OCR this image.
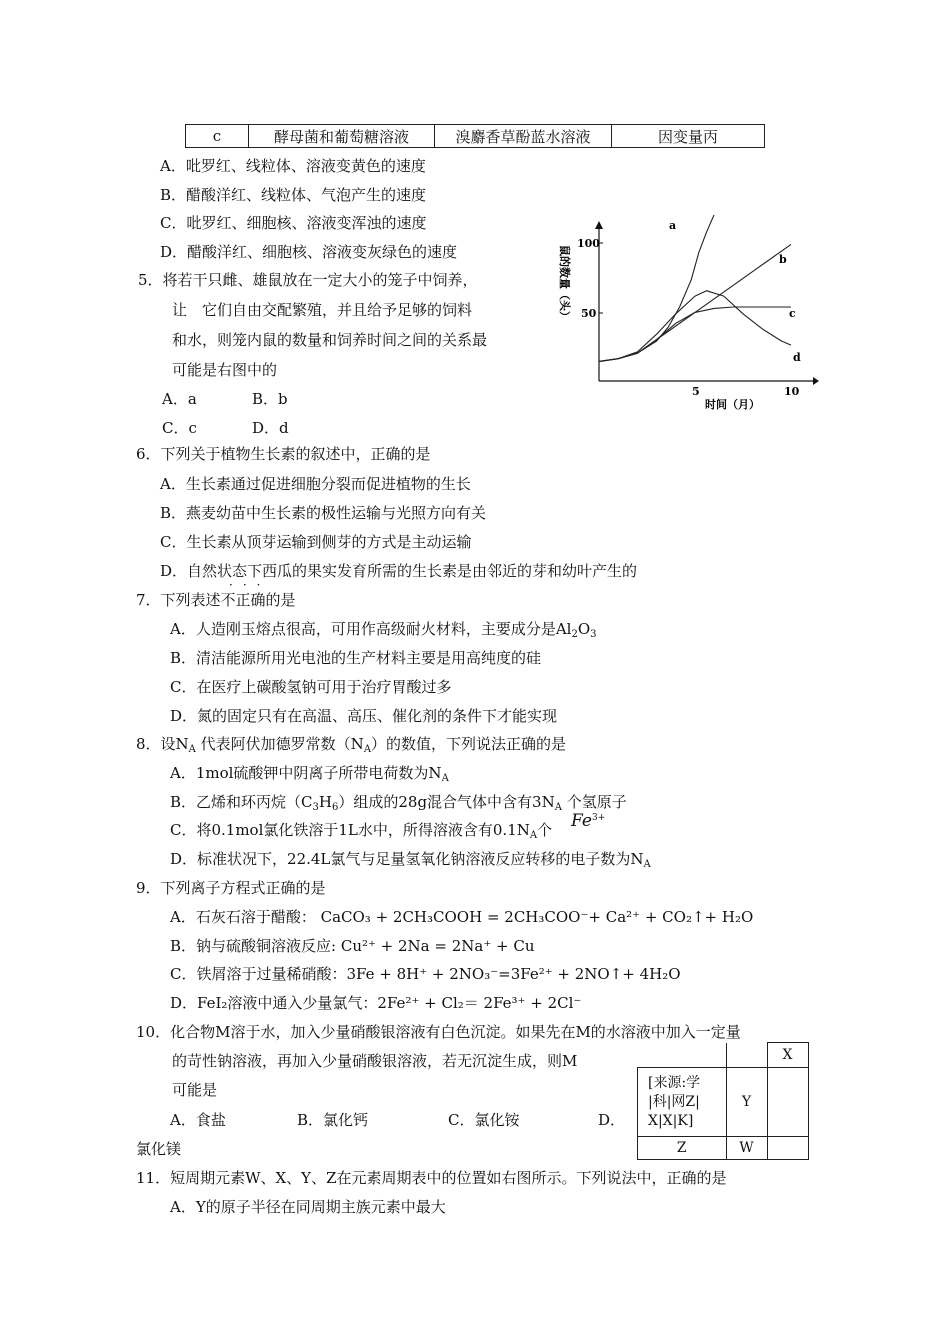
c	酵母菌和葡萄糖溶液	溴麝香草酚蓝水溶液	因变量丙
A．吡罗红、线粒体、溶液变黄色的速度
B．醋酸洋红、线粒体、气泡产生的速度
C．吡罗红、细胞核、溶液变浑浊的速度
D．醋酸洋红、细胞核、溶液变灰绿色的速度
5．将若干只雌、雄鼠放在一定大小的笼子中饲养，
让　它们自由交配繁殖，并且给予足够的饲料
和水，则笼内鼠的数量和饲养时间之间的关系最
可能是右图中的
A．a	B．b
C．c	D．d
100
50
5	10
时间（月）
鼠的数量（头）
a
b
c
d
6．下列关于植物生长素的叙述中，正确的是
A．生长素通过促进细胞分裂而促进植物的生长
B．燕麦幼苗中生长素的极性运输与光照方向有关
C．生长素从顶芽运输到侧芽的方式是主动运输
D．自然状态下西瓜的果实发育所需的生长素是由邻近的芽和幼叶产生的
···
7．下列表述不正确的是
A．人造刚玉熔点很高，可用作高级耐火材料，主要成分是$Al_2O_3$
B．清洁能源所用光电池的生产材料主要是用高纯度的硅
C．在医疗上碳酸氢钠可用于治疗胃酸过多
D．氮的固定只有在高温、高压、催化剂的条件下才能实现
8．设$N_A$ 代表阿伏加德罗常数$(N_A)$的数值，下列说法正确的是
A．1mol硫酸钾中阴离子所带电荷数为$N_A$
B．乙烯和环丙烷$(C_3H_6)$组成的28g混合气体中含有$3N_A$ 个氢原子
C．将0.1mol氯化铁溶于1L水中，所得溶液含有$0.1N_A$个 $Fe^{3+}$
D．标准状况下，22.4L氯气与足量氢氧化钠溶液反应转移的电子数为$N_A$
9．下列离子方程式正确的是
A．石灰石溶于醋酸： CaCO₃ + 2CH₃COOH = 2CH₃COO⁻+ Ca²⁺ + CO₂↑+ H₂O
B．钠与硫酸铜溶液反应: Cu²⁺ + 2Na = 2Na⁺ + Cu
C．铁屑溶于过量稀硝酸：3Fe + 8H⁺ + 2NO₃⁻=3Fe²⁺ + 2NO↑+ 4H₂O
D．FeI₂溶液中通入少量氯气：2Fe²⁺ + Cl₂＝ 2Fe³⁺ + 2Cl⁻
10．化合物M溶于水，加入少量硝酸银溶液有白色沉淀。如果先在M的水溶液中加入一定量
的苛性钠溶液，再加入少量硝酸银溶液，若无沉淀生成，则M
可能是
A．食盐	B．氯化钙	C．氯化铵	D．
氯化镁
		X

[来源:学
|科|网Z|
X|X|K]	Y	
Z	W	
11．短周期元素W、X、Y、Z在元素周期表中的位置如右图所示。下列说法中，正确的是
A．Y的原子半径在同周期主族元素中最大
